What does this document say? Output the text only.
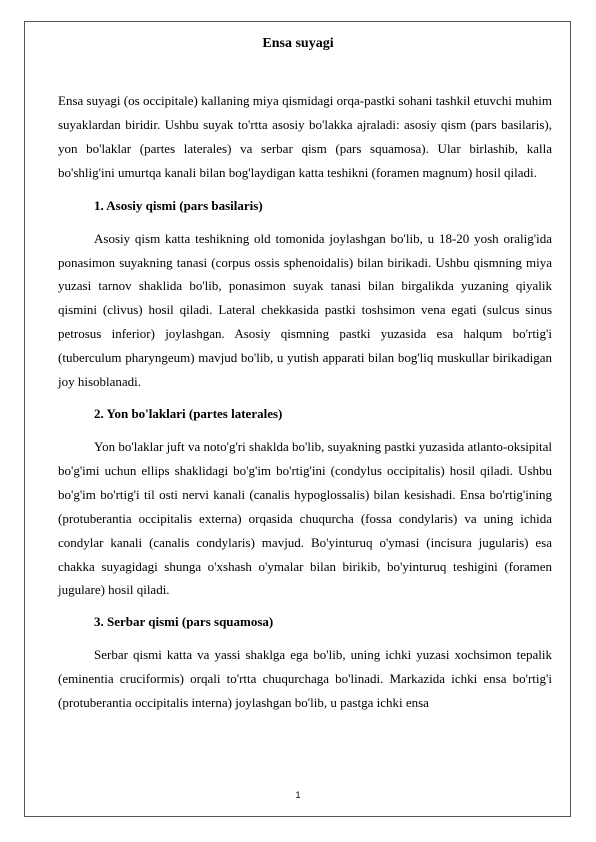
Ensa suyagi

Ensa suyagi (os occipitale) kallaning miya qismidagi orqa-pastki sohani tashkil etuvchi muhim suyaklardan biridir. Ushbu suyak to'rtta asosiy bo'lakka ajraladi: asosiy qism (pars basilaris), yon bo'laklar (partes laterales) va serbar qism (pars squamosa). Ular birlashib, kalla bo'shlig'ini umurtqa kanali bilan bog'laydigan katta teshikni (foramen magnum) hosil qiladi.

1. Asosiy qismi (pars basilaris)

Asosiy qism katta teshikning old tomonida joylashgan bo'lib, u 18-20 yosh oralig'ida ponasimon suyakning tanasi (corpus ossis sphenoidalis) bilan birikadi. Ushbu qismning miya yuzasi tarnov shaklida bo'lib, ponasimon suyak tanasi bilan birgalikda yuzaning qiyalik qismini (clivus) hosil qiladi. Lateral chekkasida pastki toshsimon vena egati (sulcus sinus petrosus inferior) joylashgan. Asosiy qismning pastki yuzasida esa halqum bo'rtig'i (tuberculum pharyngeum) mavjud bo'lib, u yutish apparati bilan bog'liq muskullar birikadigan joy hisoblanadi.

2. Yon bo'laklari (partes laterales)

Yon bo'laklar juft va noto'g'ri shaklda bo'lib, suyakning pastki yuzasida atlanto-oksipital bo'g'imi uchun ellips shaklidagi bo'g'im bo'rtig'ini (condylus occipitalis) hosil qiladi. Ushbu bo'g'im bo'rtig'i til osti nervi kanali (canalis hypoglossalis) bilan kesishadi. Ensa bo'rtig'ining (protuberantia occipitalis externa) orqasida chuqurcha (fossa condylaris) va uning ichida condylar kanali (canalis condylaris) mavjud. Bo'yinturuq o'ymasi (incisura jugularis) esa chakka suyagidagi shunga o'xshash o'ymalar bilan birikib, bo'yinturuq teshigini (foramen jugulare) hosil qiladi.

3. Serbar qismi (pars squamosa)

Serbar qismi katta va yassi shaklga ega bo'lib, uning ichki yuzasi xochsimon tepalik (eminentia cruciformis) orqali to'rtta chuqurchaga bo'linadi. Markazida ichki ensa bo'rtig'i (protuberantia occipitalis interna) joylashgan bo'lib, u pastga ichki ensa

1
